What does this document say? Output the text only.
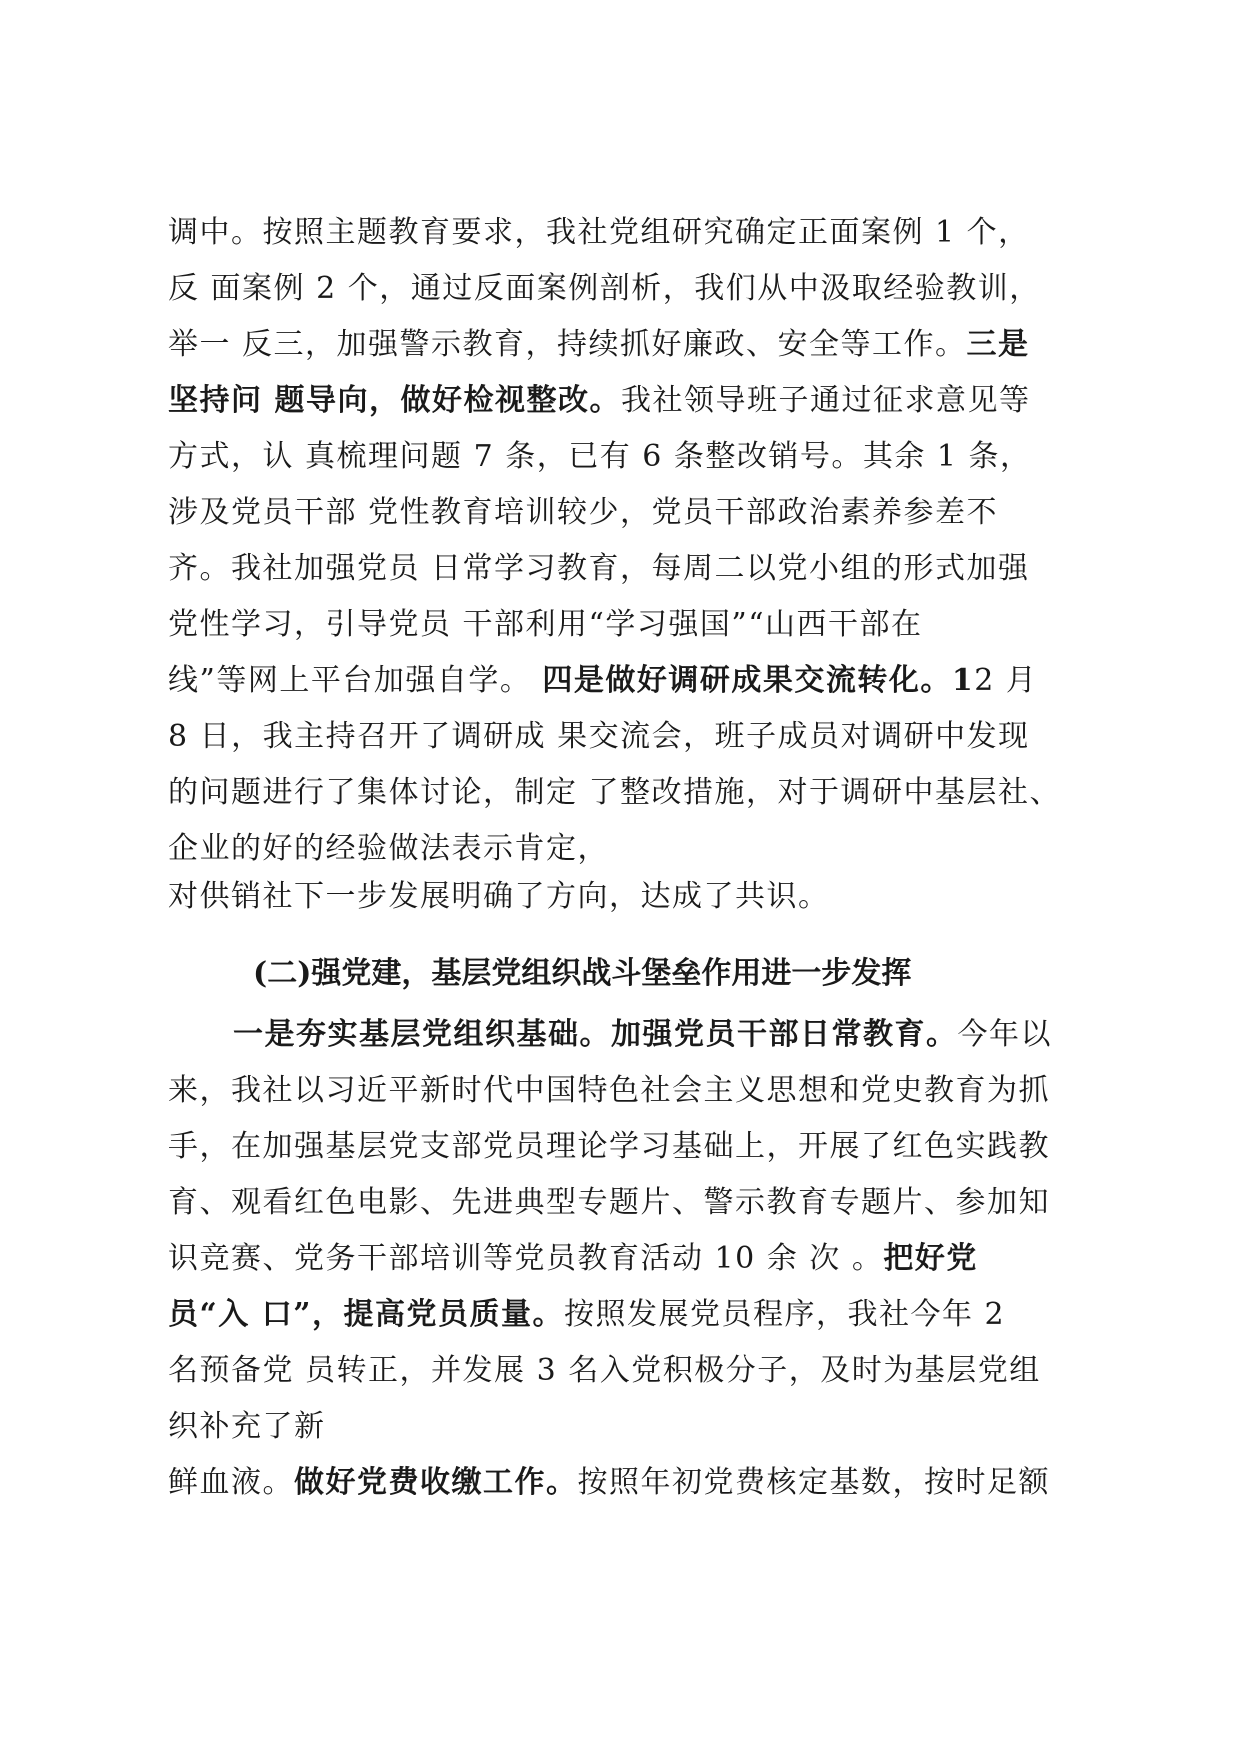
调中。按照主题教育要求，我社党组研究确定正面案例 1 个，
反 面案例 2 个，通过反面案例剖析，我们从中汲取经验教训，
举一 反三，加强警示教育，持续抓好廉政、安全等工作。三是
坚持问 题导向，做好检视整改。我社领导班子通过征求意见等
方式，认 真梳理问题 7 条，已有 6 条整改销号。其余 1 条，
涉及党员干部 党性教育培训较少，党员干部政治素养参差不
齐。我社加强党员 日常学习教育，每周二以党小组的形式加强
党性学习，引导党员 干部利用“学习强国”“山西干部在
线”等网上平台加强自学。 四是做好调研成果交流转化。12 月
8 日，我主持召开了调研成 果交流会，班子成员对调研中发现
的问题进行了集体讨论，制定 了整改措施，对于调研中基层社、
企业的好的经验做法表示肯定，
对供销社下一步发展明确了方向，达成了共识。
(二)强党建，基层党组织战斗堡垒作用进一步发挥
一是夯实基层党组织基础。加强党员干部日常教育。今年以
来，我社以习近平新时代中国特色社会主义思想和党史教育为抓
手，在加强基层党支部党员理论学习基础上，开展了红色实践教
育、观看红色电影、先进典型专题片、警示教育专题片、参加知
识竞赛、党务干部培训等党员教育活动 10 余 次 。把好党
员“入 口”，提高党员质量。按照发展党员程序，我社今年 2
名预备党 员转正，并发展 3 名入党积极分子，及时为基层党组
织补充了新
鲜血液。做好党费收缴工作。按照年初党费核定基数，按时足额
